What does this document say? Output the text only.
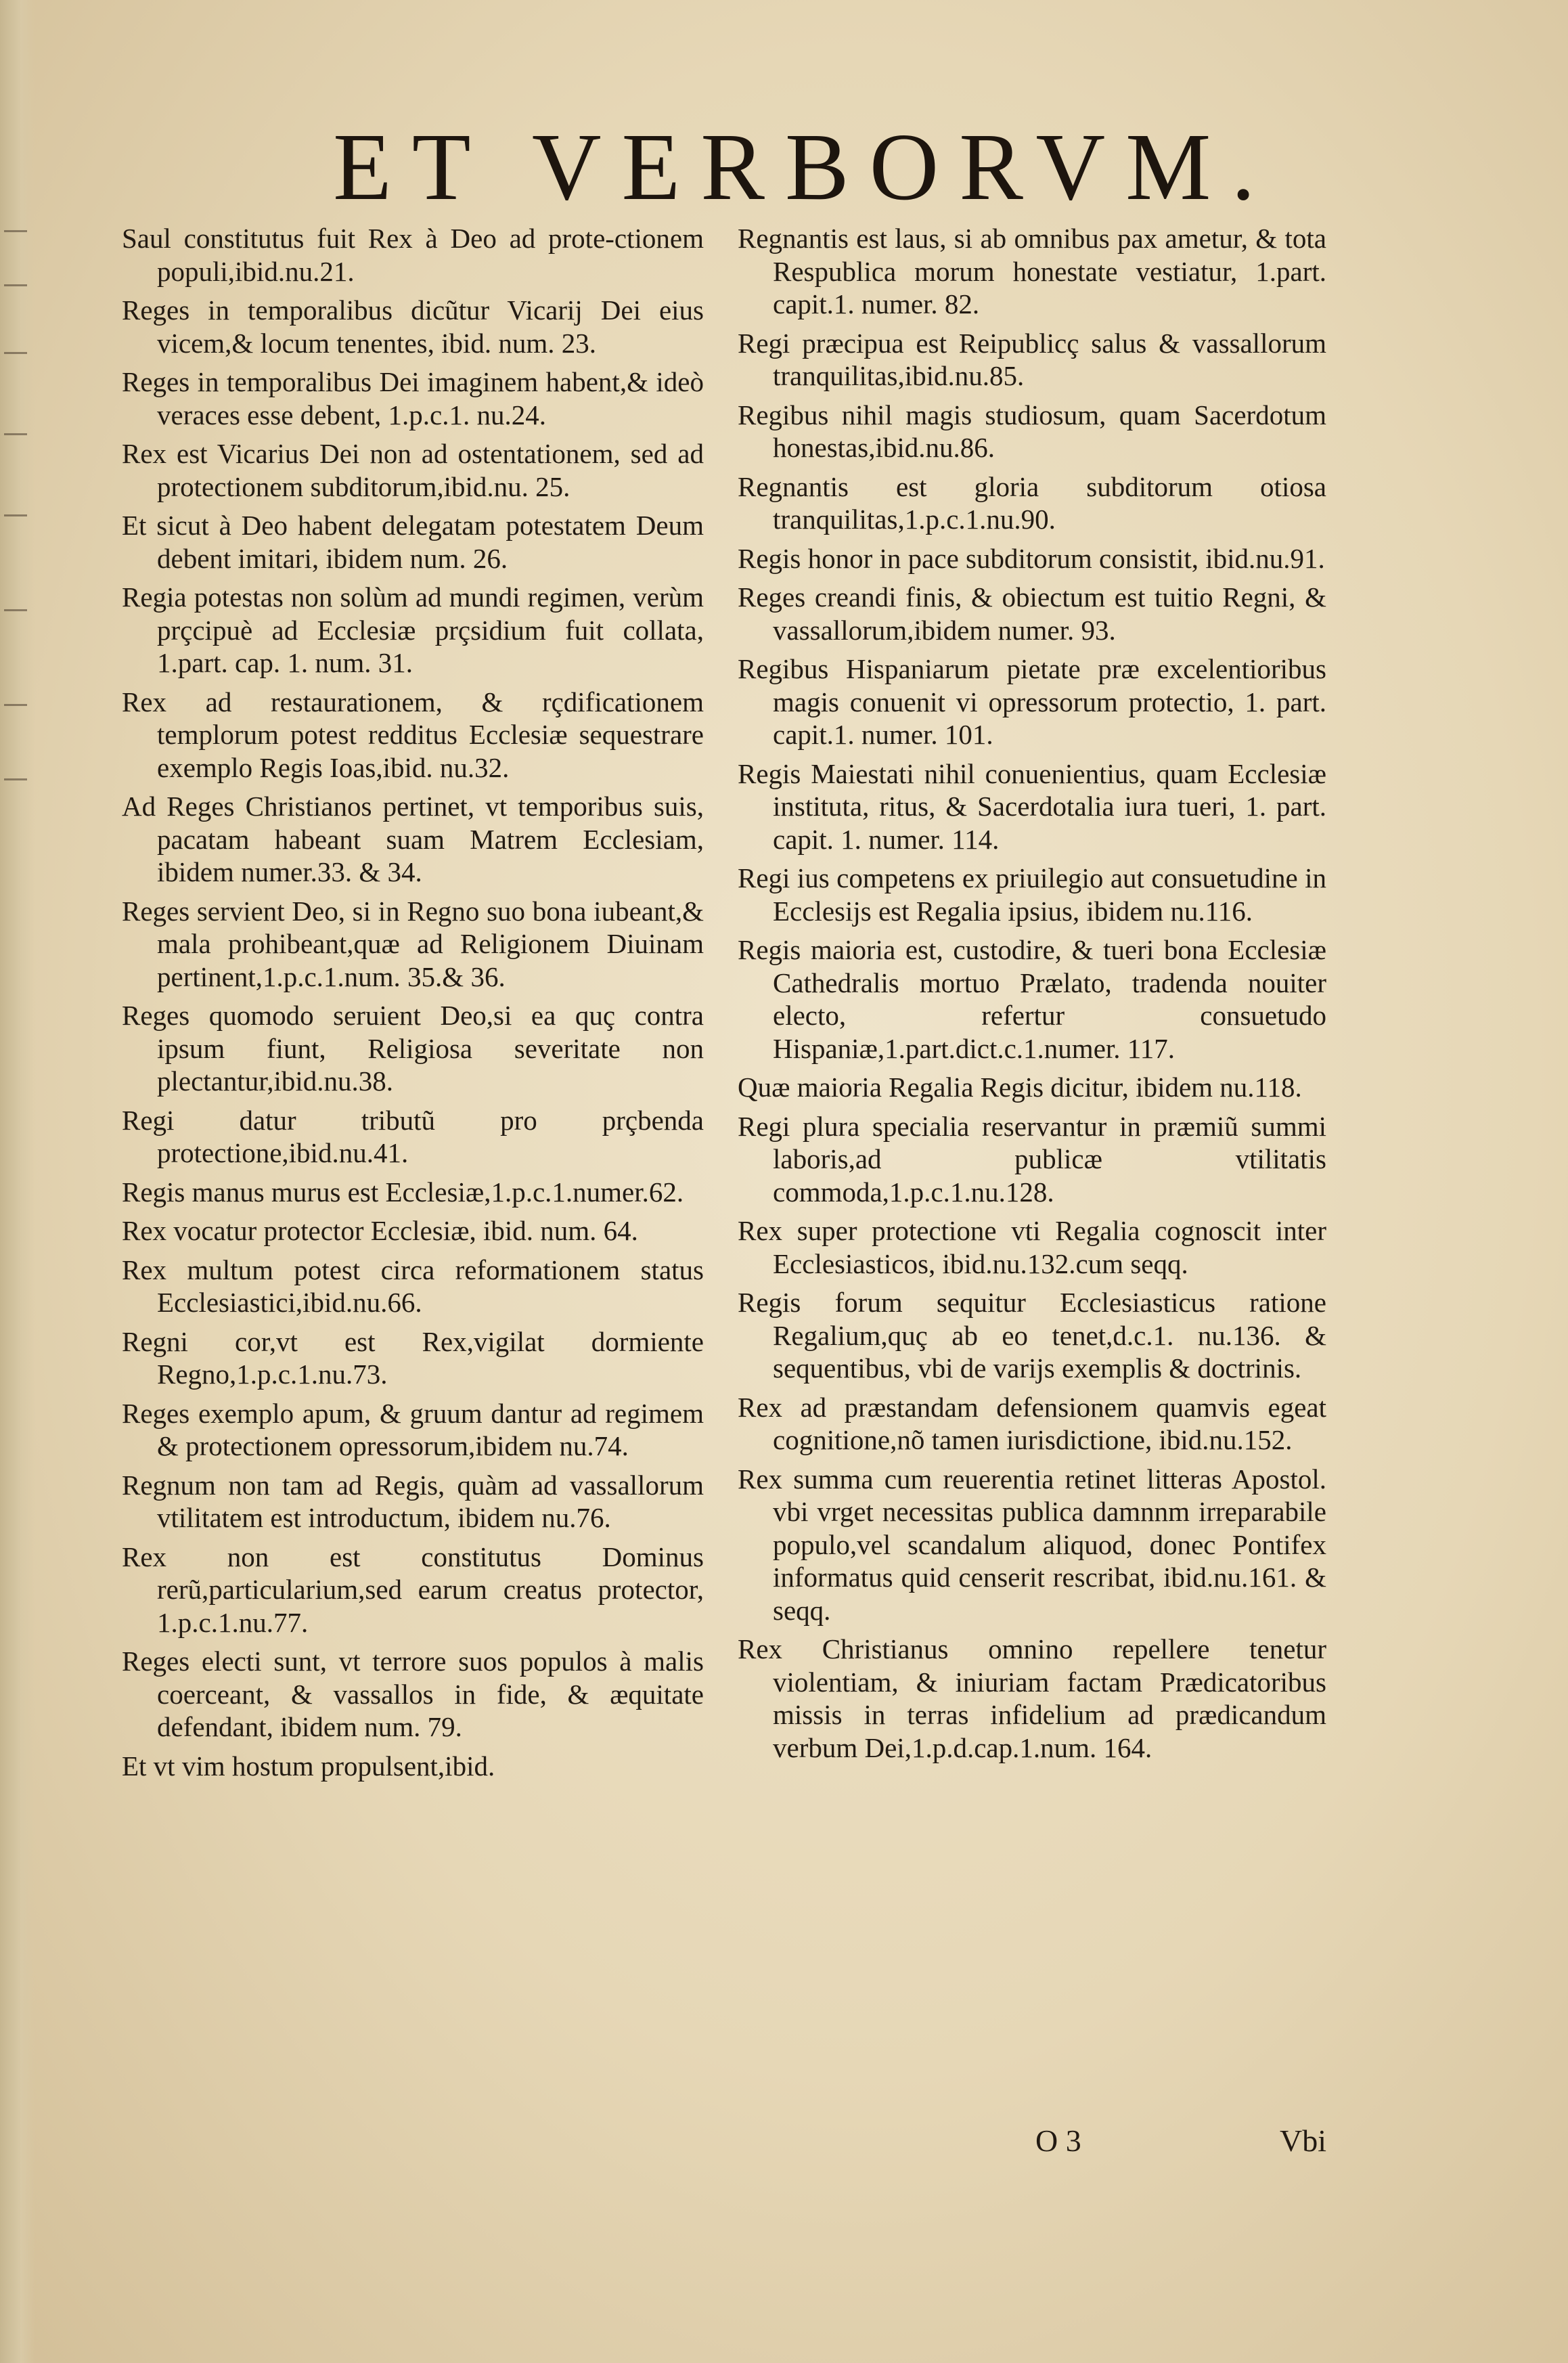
ET VERBORVM.
Saul constitutus fuit Rex à Deo ad prote-ctionem populi,ibid.nu.21.
Reges in temporalibus dicũtur Vicarij Dei eius vicem,& locum tenentes, ibid. num. 23.
Reges in temporalibus Dei imaginem habent,& ideò veraces esse debent, 1.p.c.1. nu.24.
Rex est Vicarius Dei non ad ostentationem, sed ad protectionem subditorum,ibid.nu. 25.
Et sicut à Deo habent delegatam potestatem Deum debent imitari, ibidem num. 26.
Regia potestas non solùm ad mundi regimen, verùm prçcipuè ad Ecclesiæ prçsidium fuit collata, 1.part. cap. 1. num. 31.
Rex ad restaurationem, & rçdificationem templorum potest redditus Ecclesiæ sequestrare exemplo Regis Ioas,ibid. nu.32.
Ad Reges Christianos pertinet, vt temporibus suis, pacatam habeant suam Matrem Ecclesiam, ibidem numer.33. & 34.
Reges servient Deo, si in Regno suo bona iubeant,& mala prohibeant,quæ ad Religionem Diuinam pertinent,1.p.c.1.num. 35.& 36.
Reges quomodo seruient Deo,si ea quç contra ipsum fiunt, Religiosa severitate non plectantur,ibid.nu.38.
Regi datur tributũ pro prçbenda protectione,ibid.nu.41.
Regis manus murus est Ecclesiæ,1.p.c.1.numer.62.
Rex vocatur protector Ecclesiæ, ibid. num. 64.
Rex multum potest circa reformationem status Ecclesiastici,ibid.nu.66.
Regni cor,vt est Rex,vigilat dormiente Regno,1.p.c.1.nu.73.
Reges exemplo apum, & gruum dantur ad regimem & protectionem opressorum,ibidem nu.74.
Regnum non tam ad Regis, quàm ad vassallorum vtilitatem est introductum, ibidem nu.76.
Rex non est constitutus Dominus rerũ,particularium,sed earum creatus protector, 1.p.c.1.nu.77.
Reges electi sunt, vt terrore suos populos à malis coerceant, & vassallos in fide, & æquitate defendant, ibidem num. 79.
Et vt vim hostum propulsent,ibid.
Regnantis est laus, si ab omnibus pax ametur, & tota Respublica morum honestate vestiatur, 1.part. capit.1. numer. 82.
Regi præcipua est Reipublicç salus & vassallorum tranquilitas,ibid.nu.85.
Regibus nihil magis studiosum, quam Sacerdotum honestas,ibid.nu.86.
Regnantis est gloria subditorum otiosa tranquilitas,1.p.c.1.nu.90.
Regis honor in pace subditorum consistit, ibid.nu.91.
Reges creandi finis, & obiectum est tuitio Regni, & vassallorum,ibidem numer. 93.
Regibus Hispaniarum pietate præ excelentioribus magis conuenit vi opressorum protectio, 1. part. capit.1. numer. 101.
Regis Maiestati nihil conuenientius, quam Ecclesiæ instituta, ritus, & Sacerdotalia iura tueri, 1. part. capit. 1. numer. 114.
Regi ius competens ex priuilegio aut consuetudine in Ecclesijs est Regalia ipsius, ibidem nu.116.
Regis maioria est, custodire, & tueri bona Ecclesiæ Cathedralis mortuo Prælato, tradenda nouiter electo, refertur consuetudo Hispaniæ,1.part.dict.c.1.numer. 117.
Quæ maioria Regalia Regis dicitur, ibidem nu.118.
Regi plura specialia reservantur in præmiũ summi laboris,ad publicæ vtilitatis commoda,1.p.c.1.nu.128.
Rex super protectione vti Regalia cognoscit inter Ecclesiasticos, ibid.nu.132.cum seqq.
Regis forum sequitur Ecclesiasticus ratione Regalium,quç ab eo tenet,d.c.1. nu.136. & sequentibus, vbi de varijs exemplis & doctrinis.
Rex ad præstandam defensionem quamvis egeat cognitione,nõ tamen iurisdictione, ibid.nu.152.
Rex summa cum reuerentia retinet litteras Apostol. vbi vrget necessitas publica damnnm irreparabile populo,vel scandalum aliquod, donec Pontifex informatus quid censerit rescribat, ibid.nu.161. & seqq.
Rex Christianus omnino repellere tenetur violentiam, & iniuriam factam Prædicatoribus missis in terras infidelium ad prædicandum verbum Dei,1.p.d.cap.1.num. 164.
O 3	Vbi
